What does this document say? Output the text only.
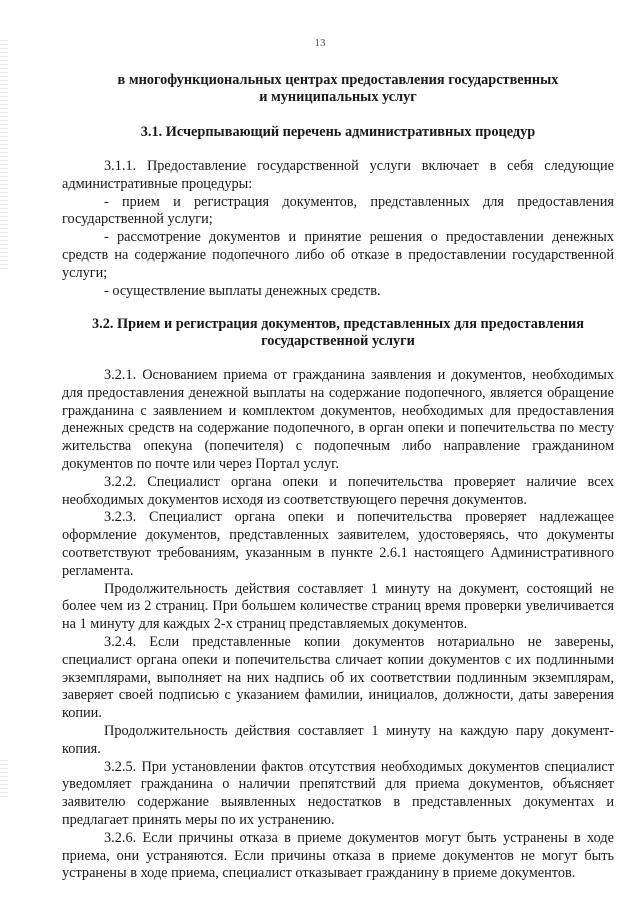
13
в многофункциональных центрах предоставления государственных
и муниципальных услуг
3.1. Исчерпывающий перечень административных процедур

3.1.1. Предоставление государственной услуги включает в себя следующие административные процедуры:

- прием и регистрация документов, представленных для предоставления государственной услуги;

- рассмотрение документов и принятие решения о предоставлении денежных средств на содержание подопечного либо об отказе в предоставлении государственной услуги;

- осуществление выплаты денежных средств.

3.2. Прием и регистрация документов, представленных для предоставления
государственной услуги

3.2.1. Основанием приема от гражданина заявления и документов, необходимых для предоставления денежной выплаты на содержание подопечного, является обращение гражданина с заявлением и комплектом документов, необходимых для предоставления денежных средств на содержание подопечного, в орган опеки и попечительства по месту жительства опекуна (попечителя) с подопечным либо направление гражданином документов по почте или через Портал услуг.

3.2.2. Специалист органа опеки и попечительства проверяет наличие всех необходимых документов исходя из соответствующего перечня документов.

3.2.3. Специалист органа опеки и попечительства проверяет надлежащее оформление документов, представленных заявителем, удостоверяясь, что документы соответствуют требованиям, указанным в пункте 2.6.1 настоящего Административного регламента.

Продолжительность действия составляет 1 минуту на документ, состоящий не более чем из 2 страниц. При большем количестве страниц время проверки увеличивается на 1 минуту для каждых 2-х страниц представляемых документов.

3.2.4. Если представленные копии документов нотариально не заверены, специалист органа опеки и попечительства сличает копии документов с их подлинными экземплярами, выполняет на них надпись об их соответствии подлинным экземплярам, заверяет своей подписью с указанием фамилии, инициалов, должности, даты заверения копии.

Продолжительность действия составляет 1 минуту на каждую пару документ-копия.

3.2.5. При установлении фактов отсутствия необходимых документов специалист уведомляет гражданина о наличии препятствий для приема документов, объясняет заявителю содержание выявленных недостатков в представленных документах и предлагает принять меры по их устранению.

3.2.6. Если причины отказа в приеме документов могут быть устранены в ходе приема, они устраняются. Если причины отказа в приеме документов не могут быть устранены в ходе приема, специалист отказывает гражданину в приеме документов.
